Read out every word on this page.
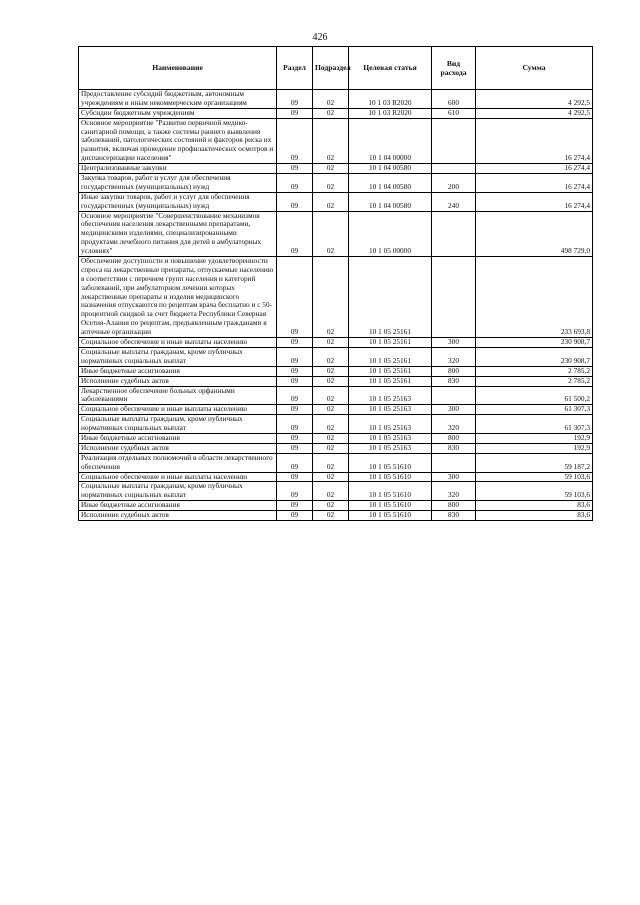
426
Наименование	Раздел	Подраздел	Целевая статья	Вид расхода	Сумма
Предоставление субсидий бюджетным, автономным учреждениям и иным некоммерческим организациям	09	02	10 1 03 R2020	600	4 292,5
Субсидии бюджетным учреждениям	09	02	10 1 03 R2020	610	4 292,5
Основное мероприятие "Развитие первичной медико-санитарной помощи, а также системы раннего выявления заболеваний, патологических состояний и факторов риска их развития, включая проведение профилактических осмотров и диспансеризации населения"	09	02	10 1 04 00000		16 274,4
Централизованные закупки	09	02	10 1 04 00580		16 274,4
Закупка товаров, работ и услуг для обеспечения государственных (муниципальных) нужд	09	02	10 1 04 00580	200	16 274,4
Иные закупки товаров, работ и услуг для обеспечения государственных (муниципальных) нужд	09	02	10 1 04 00580	240	16 274,4
Основное мероприятие "Совершенствование механизмов обеспечения населения лекарственными препаратами, медицинскими изделиями, специализированными продуктами лечебного питания для детей в амбулаторных условиях"	09	02	10 1 05 00000		498 729,0
Обеспечение доступности и повышение удовлетворенности спроса на лекарственные препараты, отпускаемые населению в соответствии с перечнем групп населения и категорий заболеваний, при амбулаторном лечении которых лекарственные препараты и изделия медицинского назначения отпускаются по рецептам врача бесплатно и с 50-процентной скидкой за счет бюджета Республики Северная Осетия-Алания по рецептам, предъявленным гражданами в аптечные организации	09	02	10 1 05 25161		233 693,8
Социальное обеспечение и иные выплаты населению	09	02	10 1 05 25161	300	230 908,7
Социальные выплаты гражданам, кроме публичных нормативных социальных выплат	09	02	10 1 05 25161	320	230 908,7
Иные бюджетные ассигнования	09	02	10 1 05 25161	800	2 785,2
Исполнение судебных актов	09	02	10 1 05 25161	830	2 785,2
Лекарственное обеспечение больных орфанными заболеваниями	09	02	10 1 05 25163		61 500,2
Социальное обеспечение и иные выплаты населению	09	02	10 1 05 25163	300	61 307,3
Социальные выплаты гражданам, кроме публичных нормативных социальных выплат	09	02	10 1 05 25163	320	61 307,3
Иные бюджетные ассигнования	09	02	10 1 05 25163	800	192,9
Исполнение судебных актов	09	02	10 1 05 25163	830	192,9
Реализация отдельных полномочий в области лекарственного обеспечения	09	02	10 1 05 51610		59 187,2
Социальное обеспечение и иные выплаты населению	09	02	10 1 05 51610	300	59 103,6
Социальные выплаты гражданам, кроме публичных нормативных социальных выплат	09	02	10 1 05 51610	320	59 103,6
Иные бюджетные ассигнования	09	02	10 1 05 51610	800	83,6
Исполнение судебных актов	09	02	10 1 05 51610	830	83,6
